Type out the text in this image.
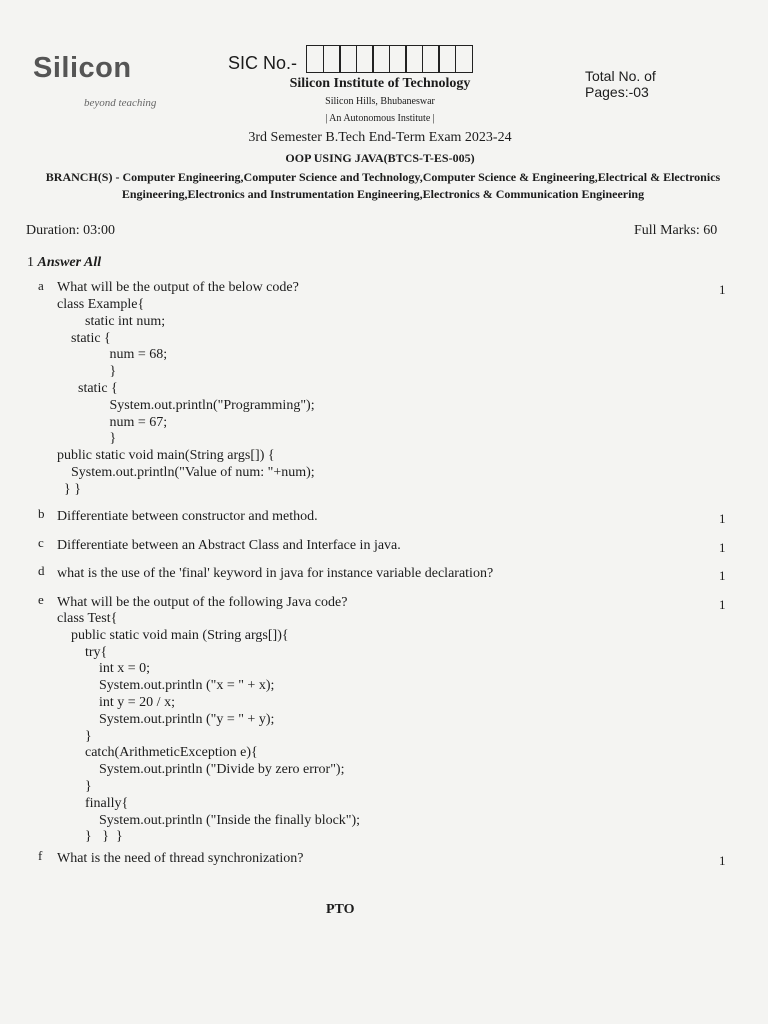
Silicon
beyond teaching
SIC No.-
Total No. of Pages:-03
Silicon Institute of Technology
Silicon Hills, Bhubaneswar
| An Autonomous Institute |
3rd Semester B.Tech End-Term Exam 2023-24
OOP USING JAVA(BTCS-T-ES-005)
BRANCH(S) - Computer Engineering,Computer Science and Technology,Computer Science & Engineering,Electrical & Electronics Engineering,Electronics and Instrumentation Engineering,Electronics & Communication Engineering
Duration: 03:00	Full Marks: 60
1 Answer All
a What will be the output of the below code?	1
class Example{
static int num;
static {
num = 68;
}
static {
System.out.println("Programming");
num = 67;
}
public static void main(String args[]) {
System.out.println("Value of num: "+num);
} }
b Differentiate between constructor and method.	1
c Differentiate between an Abstract Class and Interface in java.	1
d what is the use of the 'final' keyword in java for instance variable declaration?	1
e What will be the output of the following Java code?	1
class Test{
public static void main (String args[]){
try{
int x = 0;
System.out.println ("x = " + x);
int y = 20 / x;
System.out.println ("y = " + y);
}
catch(ArithmeticException e){
System.out.println ("Divide by zero error");
}
finally{
System.out.println ("Inside the finally block");
}   }  }
f What is the need of thread synchronization?	1
PTO
